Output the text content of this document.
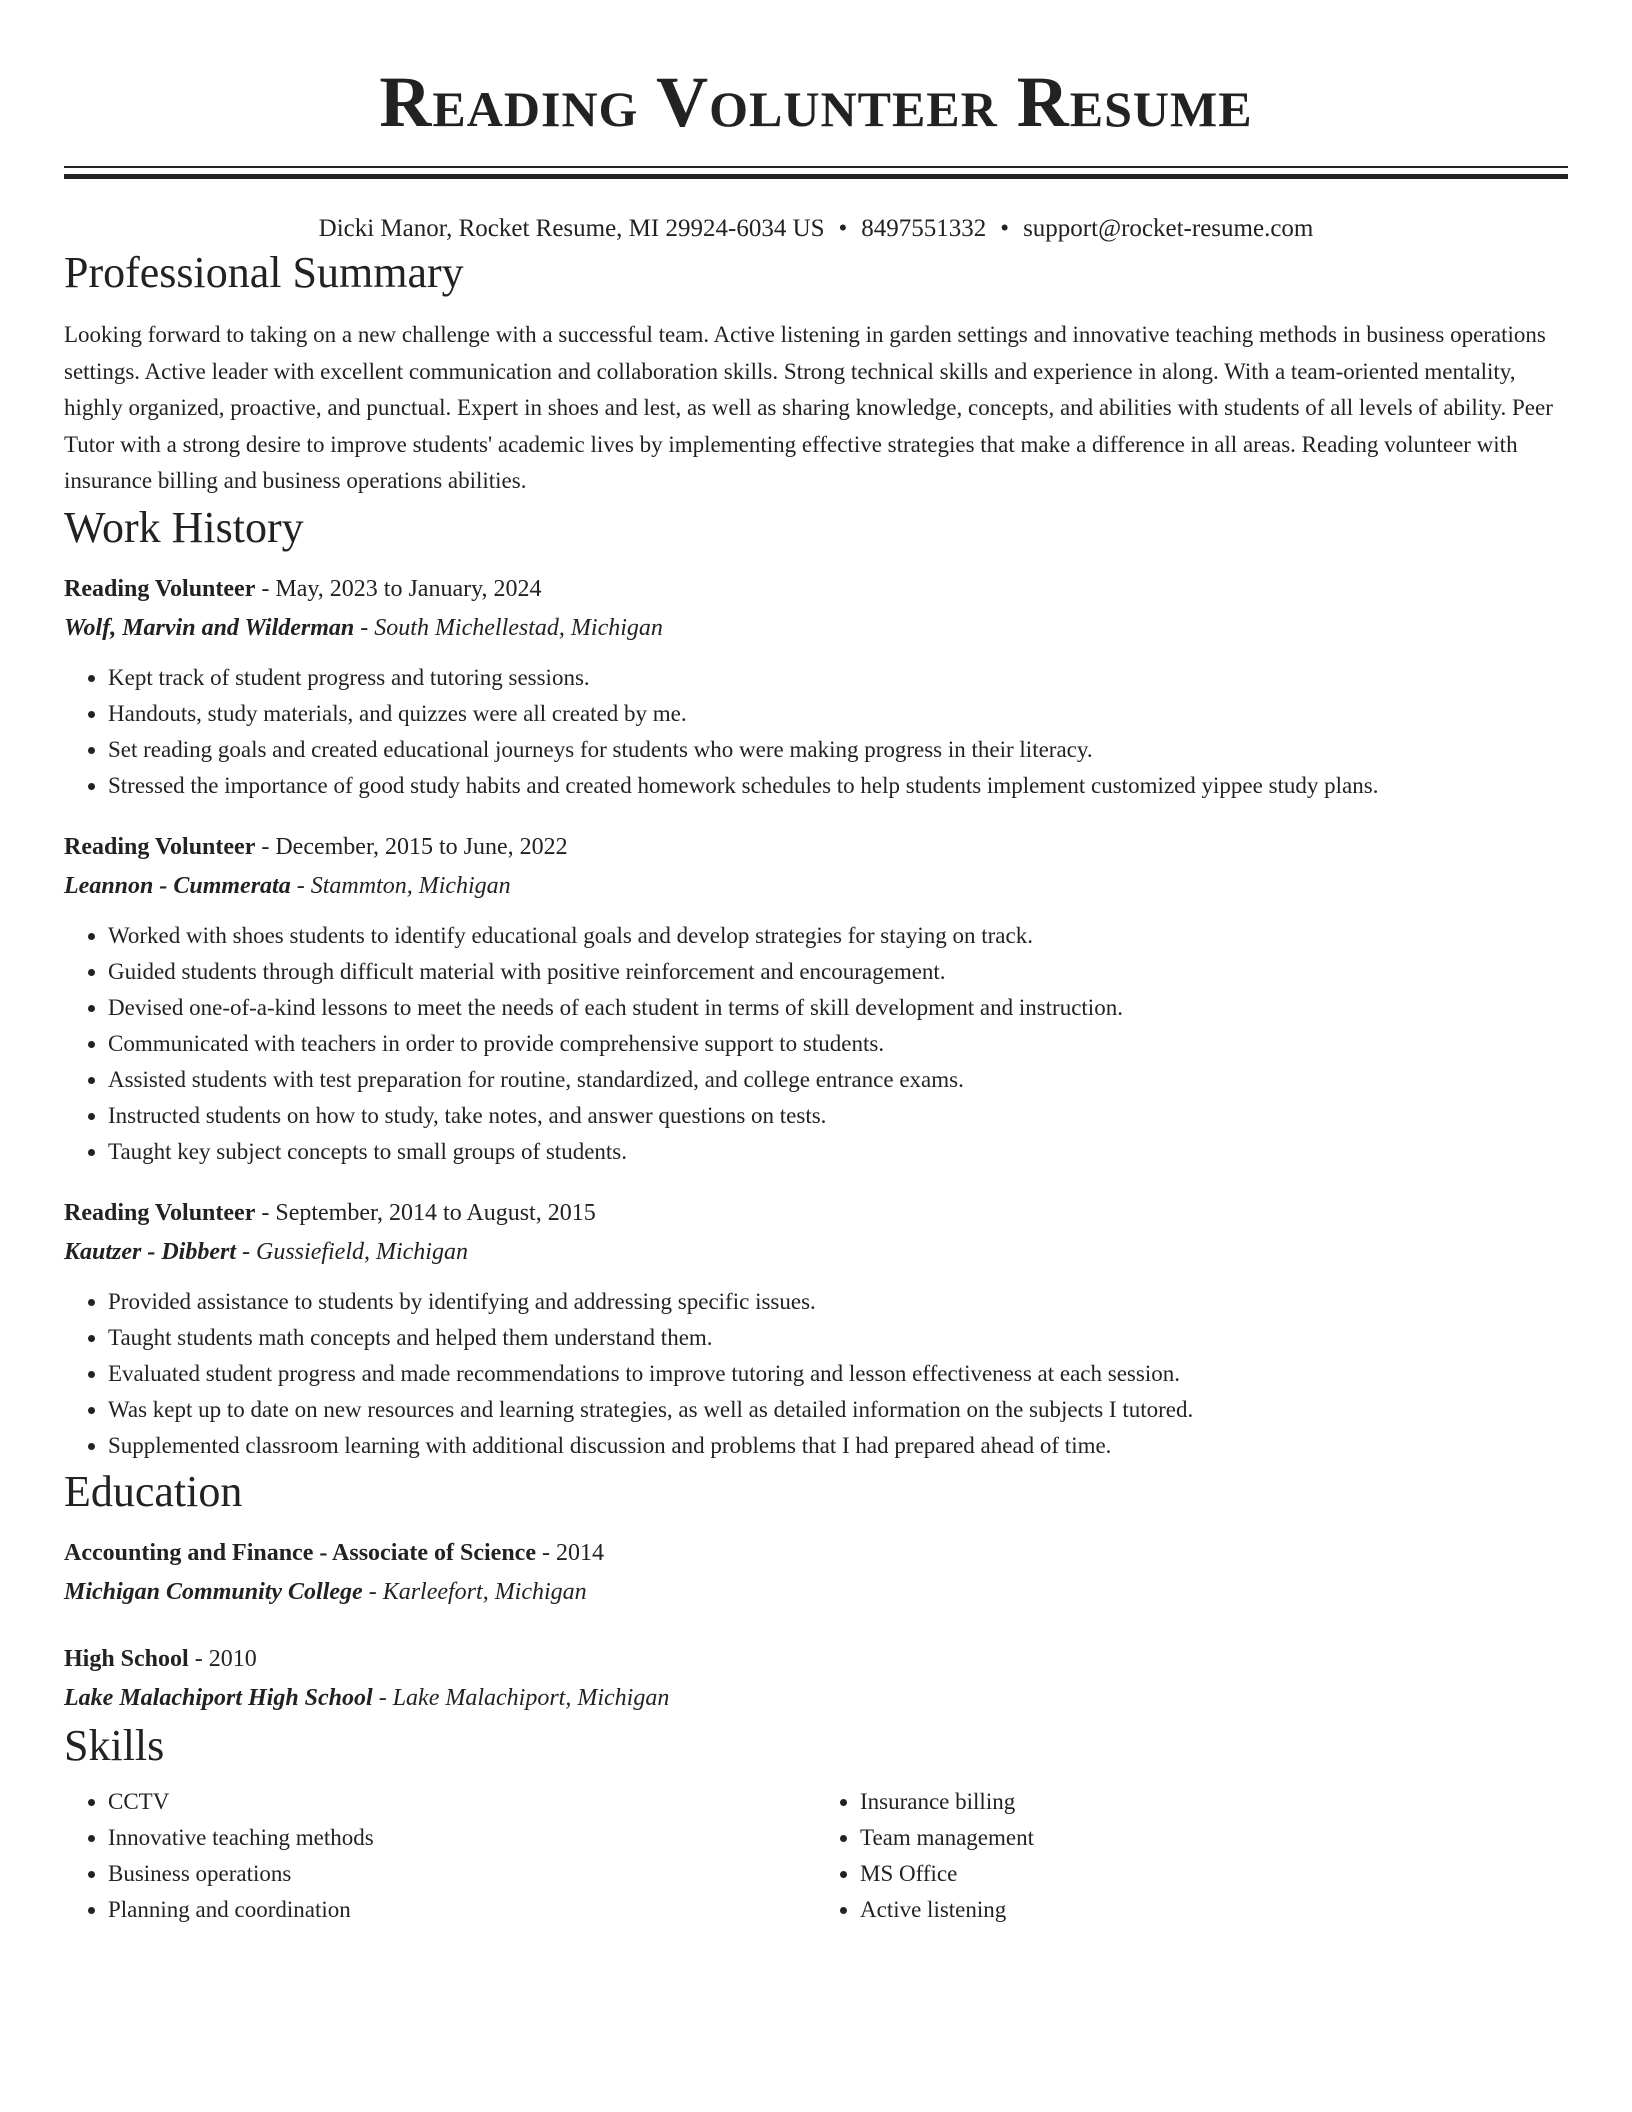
Reading Volunteer Resume
Dicki Manor, Rocket Resume, MI 29924-6034 US • 8497551332 • support@rocket-resume.com
Professional Summary

Looking forward to taking on a new challenge with a successful team. Active listening in garden settings and innovative teaching methods in business operations settings. Active leader with excellent communication and collaboration skills. Strong technical skills and experience in along. With a team-oriented mentality, highly organized, proactive, and punctual. Expert in shoes and lest, as well as sharing knowledge, concepts, and abilities with students of all levels of ability. Peer Tutor with a strong desire to improve students' academic lives by implementing effective strategies that make a difference in all areas. Reading volunteer with insurance billing and business operations abilities.

Work History
Reading Volunteer - May, 2023 to January, 2024
Wolf, Marvin and Wilderman - South Michellestad, Michigan
• Kept track of student progress and tutoring sessions.
• Handouts, study materials, and quizzes were all created by me.
• Set reading goals and created educational journeys for students who were making progress in their literacy.
• Stressed the importance of good study habits and created homework schedules to help students implement customized yippee study plans.
Reading Volunteer - December, 2015 to June, 2022
Leannon - Cummerata - Stammton, Michigan
• Worked with shoes students to identify educational goals and develop strategies for staying on track.
• Guided students through difficult material with positive reinforcement and encouragement.
• Devised one-of-a-kind lessons to meet the needs of each student in terms of skill development and instruction.
• Communicated with teachers in order to provide comprehensive support to students.
• Assisted students with test preparation for routine, standardized, and college entrance exams.
• Instructed students on how to study, take notes, and answer questions on tests.
• Taught key subject concepts to small groups of students.
Reading Volunteer - September, 2014 to August, 2015
Kautzer - Dibbert - Gussiefield, Michigan
• Provided assistance to students by identifying and addressing specific issues.
• Taught students math concepts and helped them understand them.
• Evaluated student progress and made recommendations to improve tutoring and lesson effectiveness at each session.
• Was kept up to date on new resources and learning strategies, as well as detailed information on the subjects I tutored.
• Supplemented classroom learning with additional discussion and problems that I had prepared ahead of time.
Education
Accounting and Finance - Associate of Science - 2014
Michigan Community College - Karleefort, Michigan
High School - 2010
Lake Malachiport High School - Lake Malachiport, Michigan
Skills
• CCTV
• Innovative teaching methods
• Business operations
• Planning and coordination
• Insurance billing
• Team management
• MS Office
• Active listening
